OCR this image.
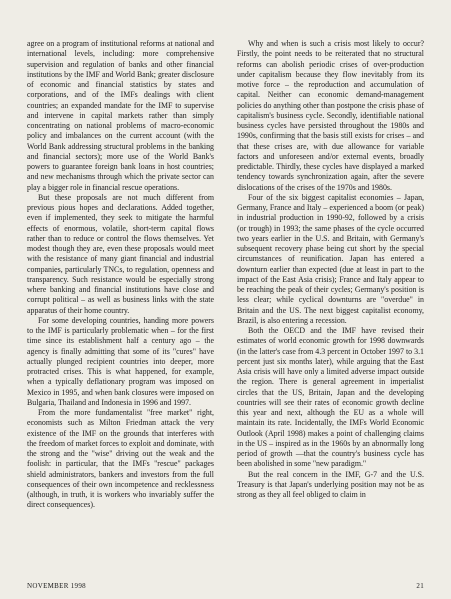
agree on a program of institutional reforms at national and international levels, including: more comprehensive supervision and regulation of banks and other financial institutions by the IMF and World Bank; greater disclosure of economic and financial statistics by states and corporations, and of the IMFs dealings with client countries; an expanded mandate for the IMF to supervise and intervene in capital markets rather than simply concentrating on national problems of macro-economic policy and imbalances on the current account (with the World Bank addressing structural problems in the banking and financial sectors); more use of the World Bank's powers to guarantee foreign bank loans in host countries; and new mechanisms through which the private sector can play a bigger role in financial rescue operations.

But these proposals are not much different from previous pious hopes and declarations. Added together, even if implemented, they seek to mitigate the harmful effects of enormous, volatile, short-term capital flows rather than to reduce or control the flows themselves. Yet modest though they are, even these proposals would meet with the resistance of many giant financial and industrial companies, particularly TNCs, to regulation, openness and transparency. Such resistance would be especially strong where banking and financial institutions have close and corrupt political – as well as business links with the state apparatus of their home country.

For some developing countries, handing more powers to the IMF is particularly problematic when – for the first time since its establishment half a century ago – the agency is finally admitting that some of its "cures" have actually plunged recipient countries into deeper, more protracted crises. This is what happened, for example, when a typically deflationary program was imposed on Mexico in 1995, and when bank closures were imposed on Bulgaria, Thailand and Indonesia in 1996 and 1997.

From the more fundamentalist "free market" right, economists such as Milton Friedman attack the very existence of the IMF on the grounds that interferes with the freedom of market forces to exploit and dominate, with the strong and the "wise" driving out the weak and the foolish: in particular, that the IMFs "rescue" packages shield administrators, bankers and investors from the full consequences of their own incompetence and recklessness (although, in truth, it is workers who invariably suffer the direct consequences).

Why and when is such a crisis most likely to occur? Firstly, the point needs to be reiterated that no structural reforms can abolish periodic crises of over-production under capitalism because they flow inevitably from its motive force – the reproduction and accumulation of capital. Neither can economic demand-management policies do anything other than postpone the crisis phase of capitalism's business cycle. Secondly, identifiable national business cycles have persisted throughout the 1980s and 1990s, confirming that the basis still exists for crises – and that these crises are, with due allowance for variable factors and unforeseen and/or external events, broadly predictable. Thirdly, these cycles have displayed a marked tendency towards synchronization again, after the severe dislocations of the crises of the 1970s and 1980s.

Four of the six biggest capitalist economies – Japan, Germany, France and Italy – experienced a boom (or peak) in industrial production in 1990-92, followed by a crisis (or trough) in 1993; the same phases of the cycle occurred two years earlier in the U.S. and Britain, with Germany's subsequent recovery phase being cut short by the special circumstances of reunification. Japan has entered a downturn earlier than expected (due at least in part to the impact of the East Asia crisis); France and Italy appear to be reaching the peak of their cycles; Germany's position is less clear; while cyclical downturns are "overdue" in Britain and the US. The next biggest capitalist economy, Brazil, is also entering a recession.

Both the OECD and the IMF have revised their estimates of world economic growth for 1998 downwards (in the latter's case from 4.3 percent in October 1997 to 3.1 percent just six months later), while arguing that the East Asia crisis will have only a limited adverse impact outside the region. There is general agreement in imperialist circles that the US, Britain, Japan and the developing countries will see their rates of economic growth decline this year and next, although the EU as a whole will maintain its rate. Incidentally, the IMFs World Economic Outlook (April 1998) makes a point of challenging claims in the US – inspired as in the 1960s by an abnormally long period of growth —that the country's business cycle has been abolished in some "new paradigm."

But the real concern in the IMF, G-7 and the U.S. Treasury is that Japan's underlying position may not be as strong as they all feel obliged to claim in

NOVEMBER 1998	21
